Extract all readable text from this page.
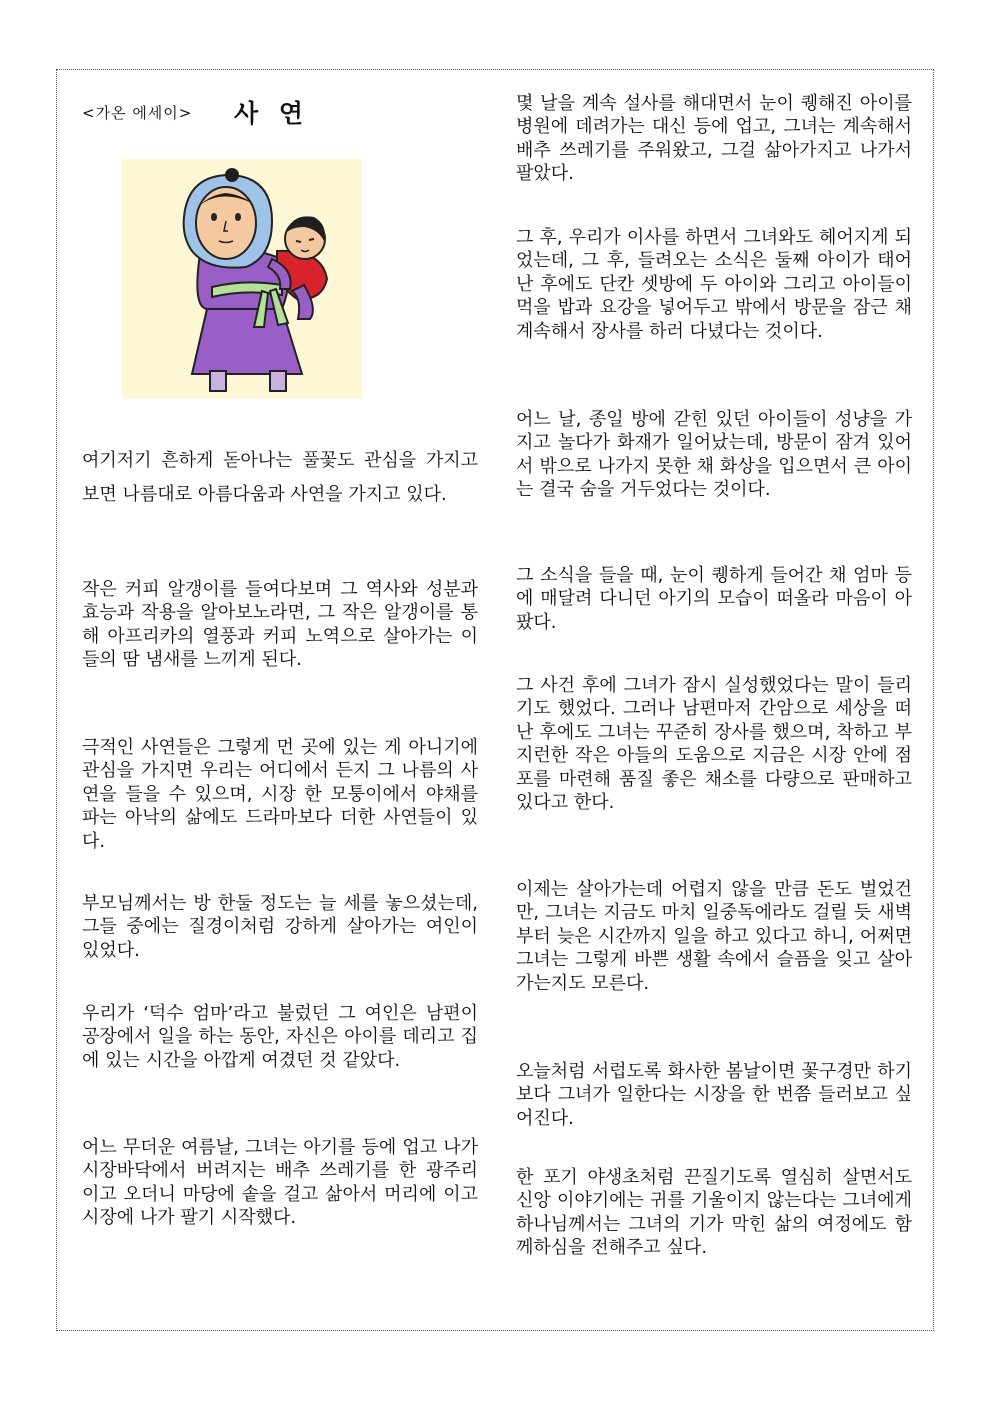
<가온 에세이> 사 연

여기저기 흔하게 돋아나는 풀꽃도 관심을 가지고 보면 나름대로 아름다움과 사연을 가지고 있다.

작은 커피 알갱이를 들여다보며 그 역사와 성분과 효능과 작용을 알아보노라면, 그 작은 알갱이를 통해 아프리카의 열풍과 커피 노역으로 살아가는 이들의 땀 냄새를 느끼게 된다.

극적인 사연들은 그렇게 먼 곳에 있는 게 아니기에 관심을 가지면 우리는 어디에서 든지 그 나름의 사연을 들을 수 있으며, 시장 한 모퉁이에서 야채를 파는 아낙의 삶에도 드라마보다 더한 사연들이 있다.

부모님께서는 방 한둘 정도는 늘 세를 놓으셨는데, 그들 중에는 질경이처럼 강하게 살아가는 여인이 있었다.

우리가 ‘덕수 엄마’라고 불렀던 그 여인은 남편이 공장에서 일을 하는 동안, 자신은 아이를 데리고 집에 있는 시간을 아깝게 여겼던 것 같았다.

어느 무더운 여름날, 그녀는 아기를 등에 업고 나가 시장바닥에서 버려지는 배추 쓰레기를 한 광주리 이고 오더니 마당에 솥을 걸고 삶아서 머리에 이고 시장에 나가 팔기 시작했다.

몇 날을 계속 설사를 해대면서 눈이 퀭해진 아이를 병원에 데려가는 대신 등에 업고, 그녀는 계속해서 배추 쓰레기를 주워왔고, 그걸 삶아가지고 나가서 팔았다.

그 후, 우리가 이사를 하면서 그녀와도 헤어지게 되었는데, 그 후, 들려오는 소식은 둘째 아이가 태어난 후에도 단칸 셋방에 두 아이와 그리고 아이들이 먹을 밥과 요강을 넣어두고 밖에서 방문을 잠근 채 계속해서 장사를 하러 다녔다는 것이다.

어느 날, 종일 방에 갇힌 있던 아이들이 성냥을 가지고 놀다가 화재가 일어났는데, 방문이 잠겨 있어서 밖으로 나가지 못한 채 화상을 입으면서 큰 아이는 결국 숨을 거두었다는 것이다.

그 소식을 들을 때, 눈이 퀭하게 들어간 채 엄마 등에 매달려 다니던 아기의 모습이 떠올라 마음이 아팠다.

그 사건 후에 그녀가 잠시 실성했었다는 말이 들리기도 했었다. 그러나 남편마저 간암으로 세상을 떠난 후에도 그녀는 꾸준히 장사를 했으며, 착하고 부지런한 작은 아들의 도움으로 지금은 시장 안에 점포를 마련해 품질 좋은 채소를 다량으로 판매하고 있다고 한다.

이제는 살아가는데 어렵지 않을 만큼 돈도 벌었건만, 그녀는 지금도 마치 일중독에라도 걸릴 듯 새벽부터 늦은 시간까지 일을 하고 있다고 하니, 어쩌면 그녀는 그렇게 바쁜 생활 속에서 슬픔을 잊고 살아가는지도 모른다.

오늘처럼 서럽도록 화사한 봄날이면 꽃구경만 하기보다 그녀가 일한다는 시장을 한 번쯤 들러보고 싶어진다.

한 포기 야생초처럼 끈질기도록 열심히 살면서도 신앙 이야기에는 귀를 기울이지 않는다는 그녀에게 하나님께서는 그녀의 기가 막힌 삶의 여정에도 함께하심을 전해주고 싶다.
